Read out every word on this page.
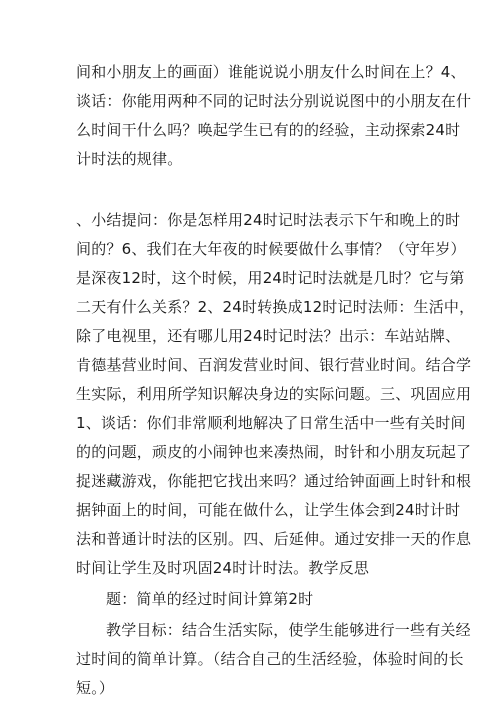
间和小朋友上的画面）谁能说说小朋友什么时间在上？4、
谈话：你能用两种不同的记时法分别说说图中的小朋友在什
么时间干什么吗？唤起学生已有的的经验，主动探索24时
计时法的规律。
、小结提问：你是怎样用24时记时法表示下午和晚上的时
间的？6、我们在大年夜的时候要做什么事情？（守年岁）
是深夜12时，这个时候，用24时记时法就是几时？它与第
二天有什么关系？2、24时转换成12时记时法师：生活中，
除了电视里，还有哪儿用24时记时法？出示：车站站牌、
肯德基营业时间、百润发营业时间、银行营业时间。结合学
生实际，利用所学知识解决身边的实际问题。三、巩固应用
1、谈话：你们非常顺利地解决了日常生活中一些有关时间
的的问题，顽皮的小闹钟也来凑热闹，时针和小朋友玩起了
捉迷藏游戏，你能把它找出来吗？通过给钟面画上时针和根
据钟面上的时间，可能在做什么，让学生体会到24时计时
法和普通计时法的区别。四、后延伸。通过安排一天的作息
时间让学生及时巩固24时计时法。教学反思
题：简单的经过时间计算第2时
教学目标：结合生活实际，使学生能够进行一些有关经
过时间的简单计算。（结合自己的生活经验，体验时间的长
短。）
